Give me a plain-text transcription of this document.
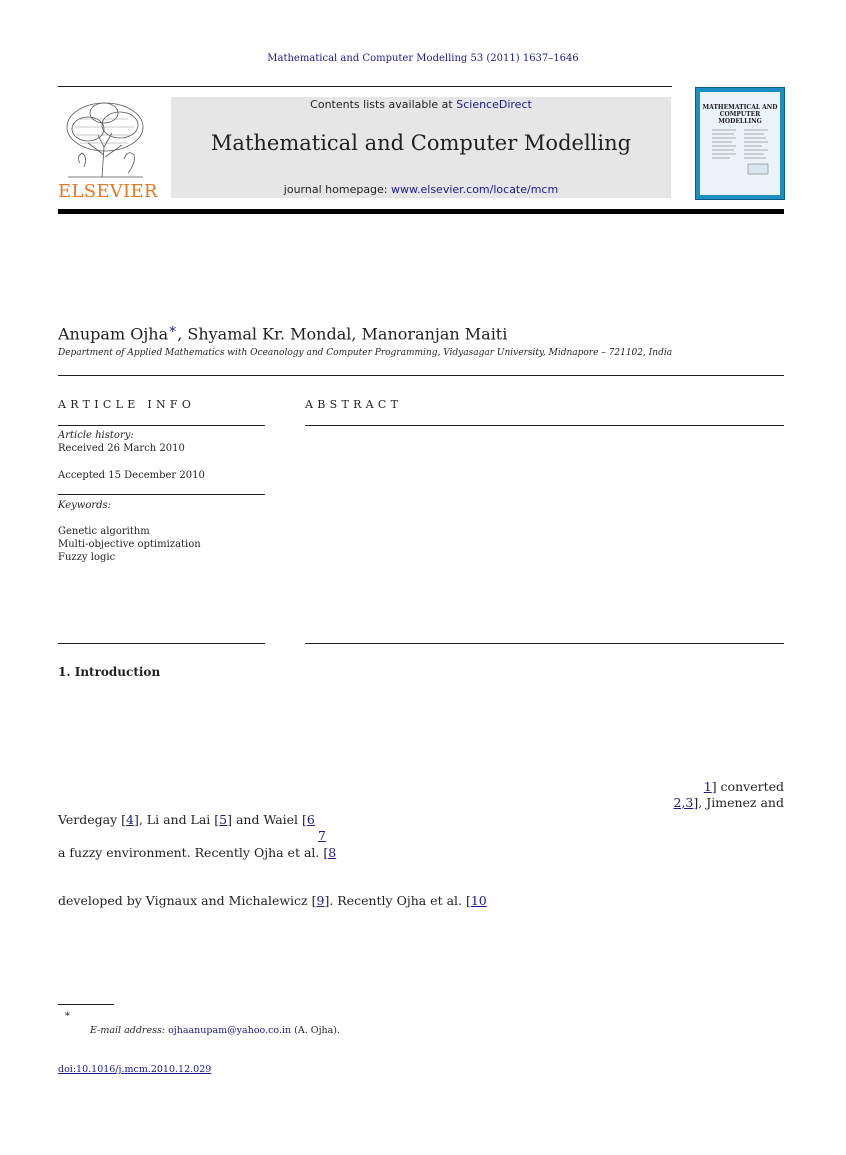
Mathematical and Computer Modelling 53 (2011) 1637–1646
ELSEVIER
Contents lists available at ScienceDirect
Mathematical and Computer Modelling
journal homepage: www.elsevier.com/locate/mcm
MATHEMATICAL AND COMPUTER MODELLING
Anupam Ojha∗, Shyamal Kr. Mondal, Manoranjan Maiti
Department of Applied Mathematics with Oceanology and Computer Programming, Vidyasagar University, Midnapore – 721102, India
ARTICLE INFO
Article history:
Received 26 March 2010
Accepted 15 December 2010
Keywords:
Genetic algorithm
Multi-objective optimization
Fuzzy logic
ABSTRACT
1. Introduction
1] converted
2,3], Jimenez and
Verdegay [4], Li and Lai [5] and Waiel [6
7
a fuzzy environment. Recently Ojha et al. [8
developed by Vignaux and Michalewicz [9]. Recently Ojha et al. [10
∗
E-mail address: ojhaanupam@yahoo.co.in (A. Ojha).
doi:10.1016/j.mcm.2010.12.029
